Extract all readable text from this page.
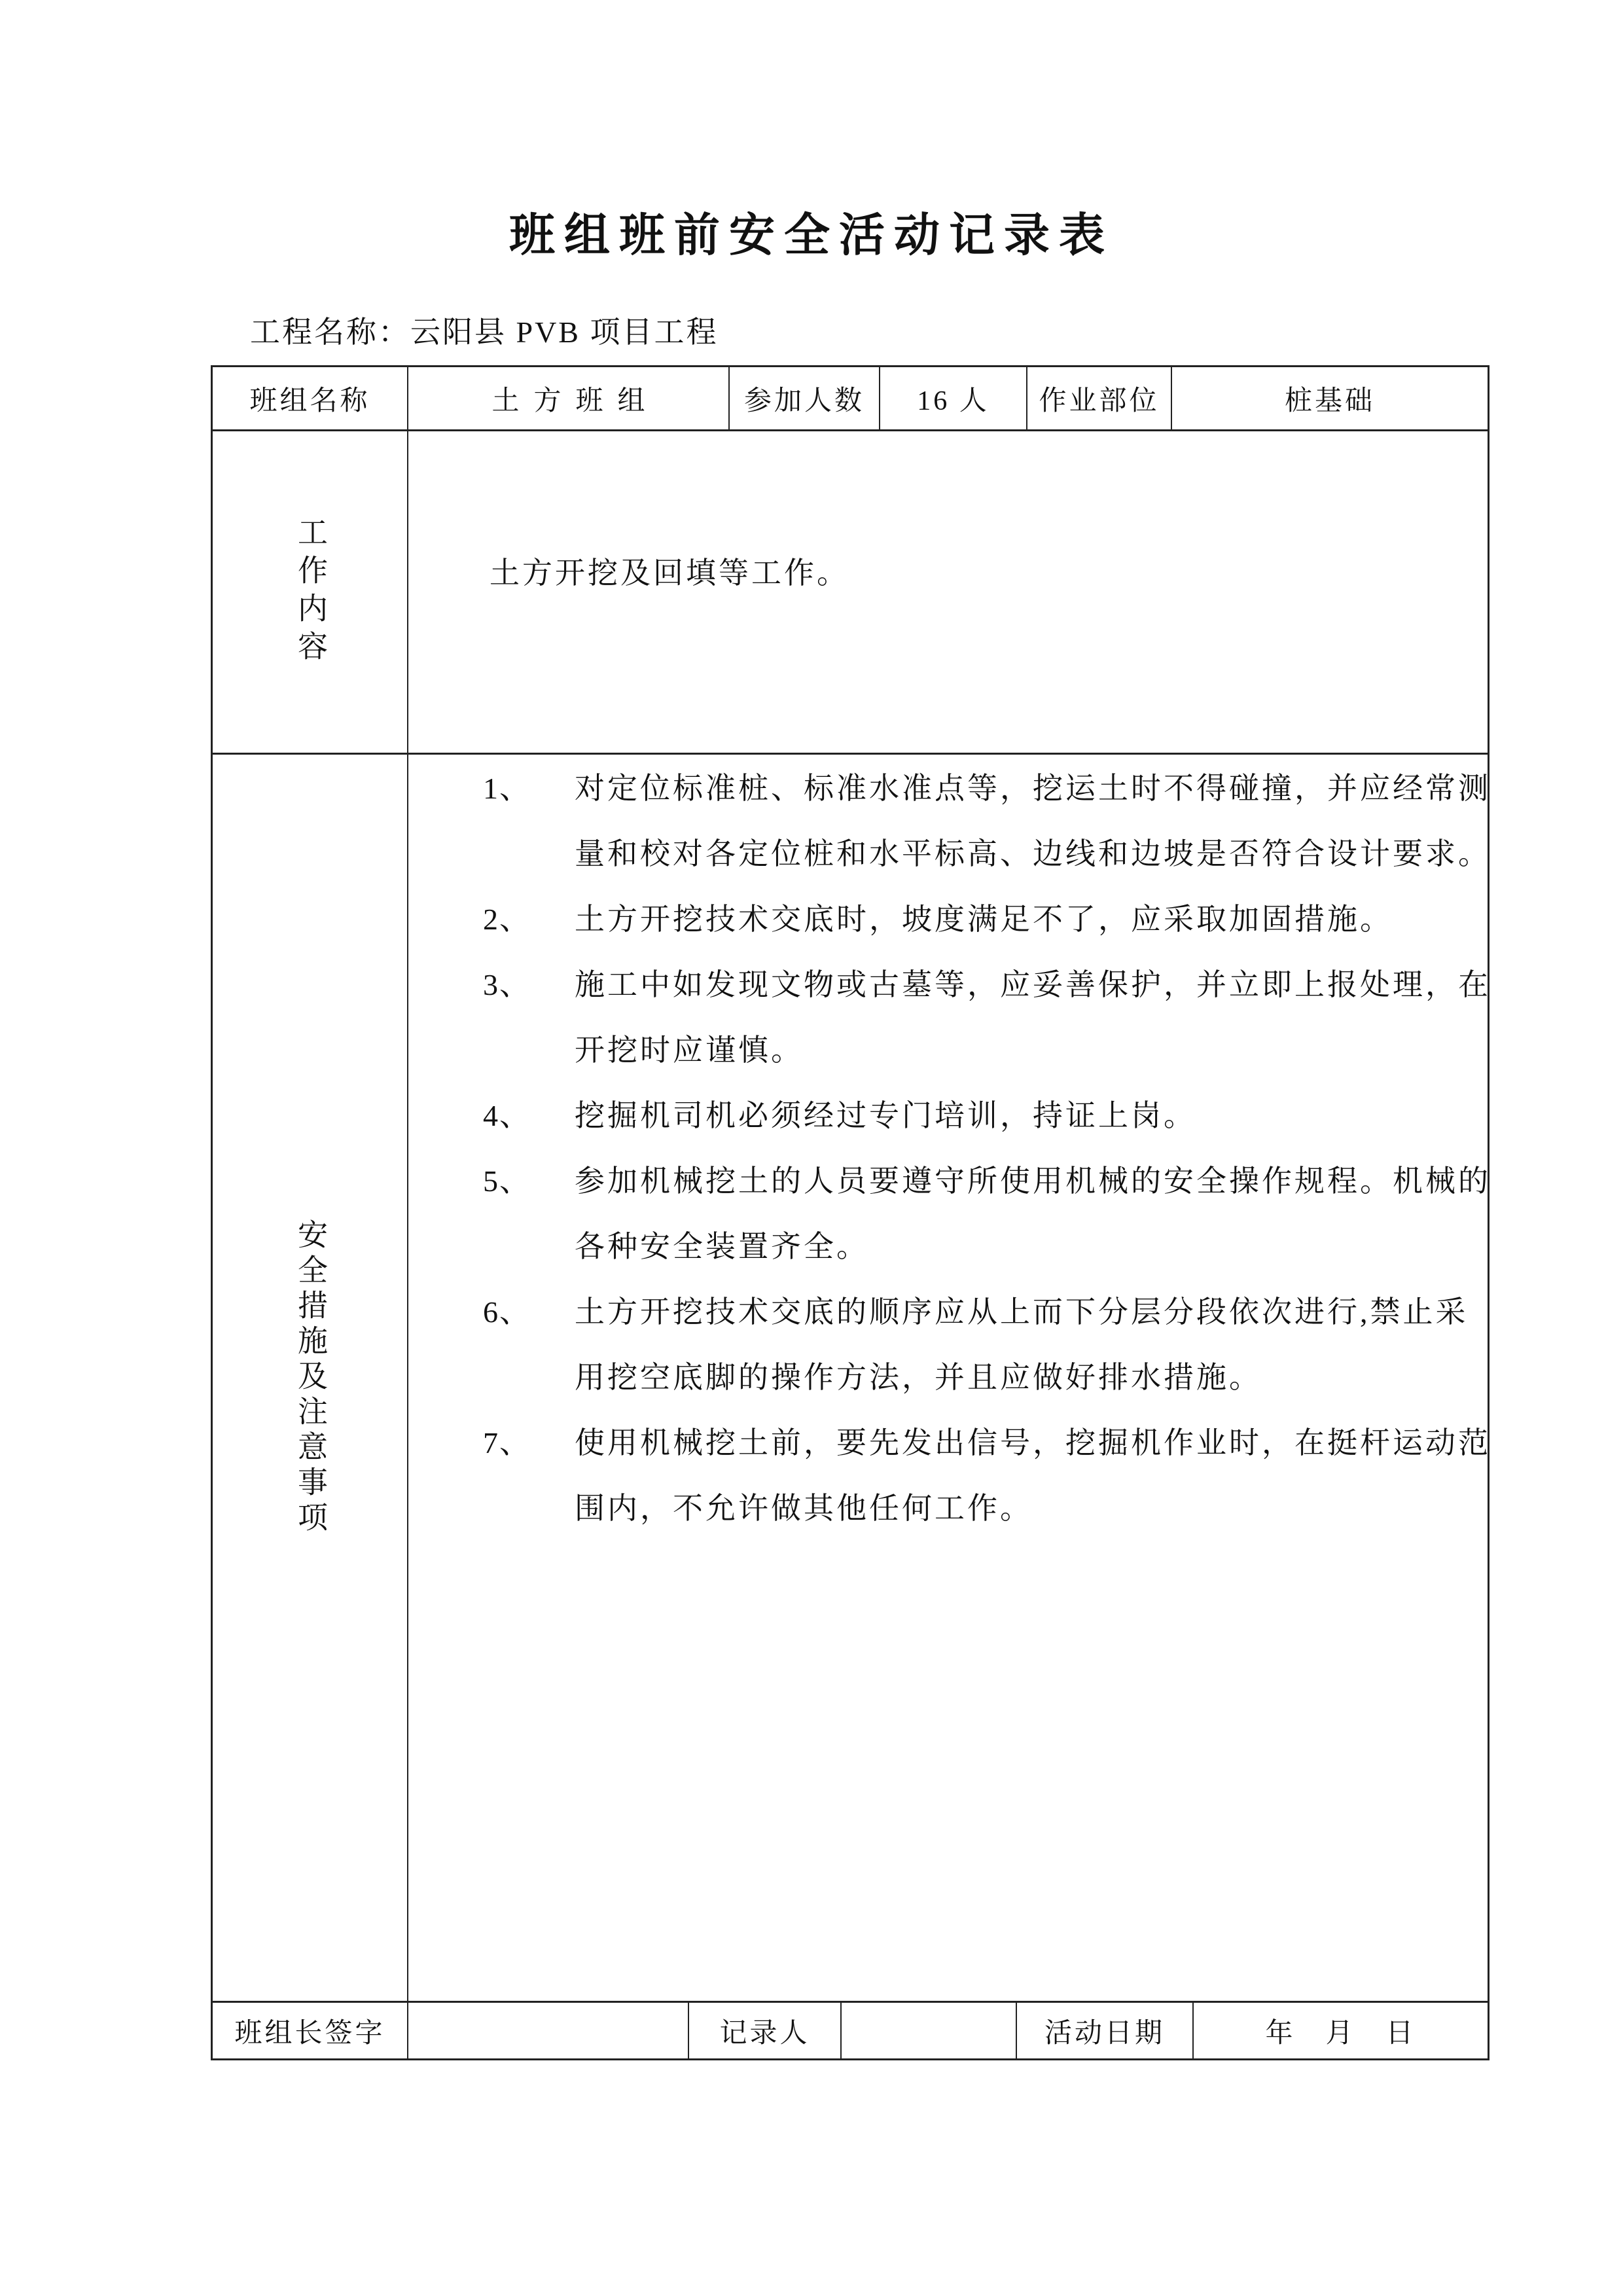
班组班前安全活动记录表
工程名称：云阳县 PVB 项目工程
班组名称	土方班组	参加人数	16 人	作业部位	桩基础
工作内容	土方开挖及回填等工作。
安全措施及注意事项
1、	对定位标准桩、标准水准点等，挖运土时不得碰撞，并应经常测
量和校对各定位桩和水平标高、边线和边坡是否符合设计要求。
2、	土方开挖技术交底时，坡度满足不了，应采取加固措施。
3、	施工中如发现文物或古墓等，应妥善保护，并立即上报处理，在
开挖时应谨慎。
4、	挖掘机司机必须经过专门培训，持证上岗。
5、	参加机械挖土的人员要遵守所使用机械的安全操作规程。机械的
各种安全装置齐全。
6、	土方开挖技术交底的顺序应从上而下分层分段依次进行,禁止采
用挖空底脚的操作方法，并且应做好排水措施。
7、	使用机械挖土前，要先发出信号，挖掘机作业时，在挺杆运动范
围内，不允许做其他任何工作。
班组长签字	记录人	活动日期	年　月　日
